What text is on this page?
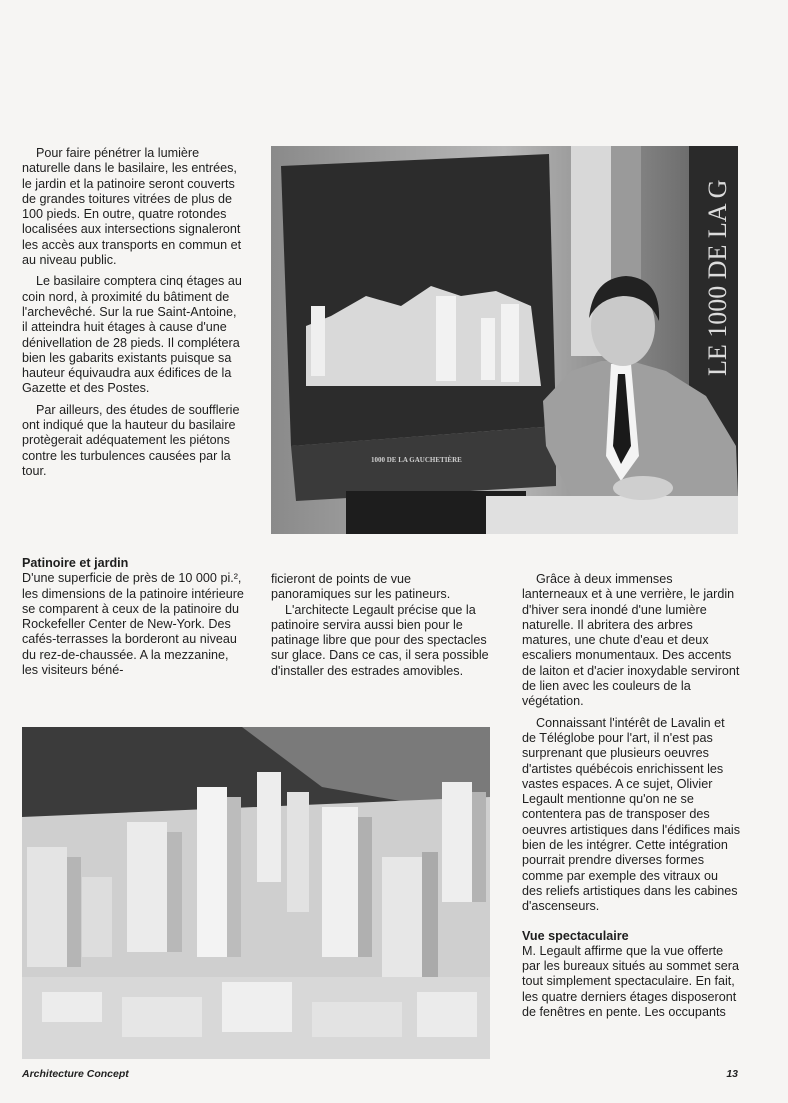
Pour faire pénétrer la lumière naturelle dans le basilaire, les entrées, le jardin et la patinoire seront couverts de grandes toitures vitrées de plus de 100 pieds. En outre, quatre rotondes localisées aux intersections signaleront les accès aux transports en commun et au niveau public.

Le basilaire comptera cinq étages au coin nord, à proximité du bâtiment de l'archevêché. Sur la rue Saint-Antoine, il atteindra huit étages à cause d'une dénivellation de 28 pieds. Il complétera bien les gabarits existants puisque sa hauteur équivaudra aux édifices de la Gazette et des Postes.

Par ailleurs, des études de soufflerie ont indiqué que la hauteur du basilaire protègerait adéquatement les piétons contre les turbulences causées par la tour.

Patinoire et jardin

D'une superficie de près de 10 000 pi.², les dimensions de la patinoire intérieure se comparent à ceux de la patinoire du Rockefeller Center de New-York. Des cafés-terrasses la borderont au niveau du rez-de-chaussée. A la mezzanine, les visiteurs béné-

ficieront de points de vue panoramiques sur les patineurs.

L'architecte Legault précise que la patinoire servira aussi bien pour le patinage libre que pour des spectacles sur glace. Dans ce cas, il sera possible d'installer des estrades amovibles.

Grâce à deux immenses lanterneaux et à une verrière, le jardin d'hiver sera inondé d'une lumière naturelle. Il abritera des arbres matures, une chute d'eau et deux escaliers monumentaux. Des accents de laiton et d'acier inoxydable serviront de lien avec les couleurs de la végétation.

Connaissant l'intérêt de Lavalin et de Téléglobe pour l'art, il n'est pas surprenant que plusieurs oeuvres d'artistes québécois enrichissent les vastes espaces. A ce sujet, Olivier Legault mentionne qu'on ne se contentera pas de transposer des oeuvres artistiques dans l'édifices mais bien de les intégrer. Cette intégration pourrait prendre diverses formes comme par exemple des vitraux ou des reliefs artistiques dans les cabines d'ascenseurs.

Vue spectaculaire

M. Legault affirme que la vue offerte par les bureaux situés au sommet sera tout simplement spectaculaire. En fait, les quatre derniers étages disposeront de fenêtres en pente. Les occupants

LE 1000 DE LA G
1000 DE LA GAUCHETIÈRE
Architecture Concept	13
